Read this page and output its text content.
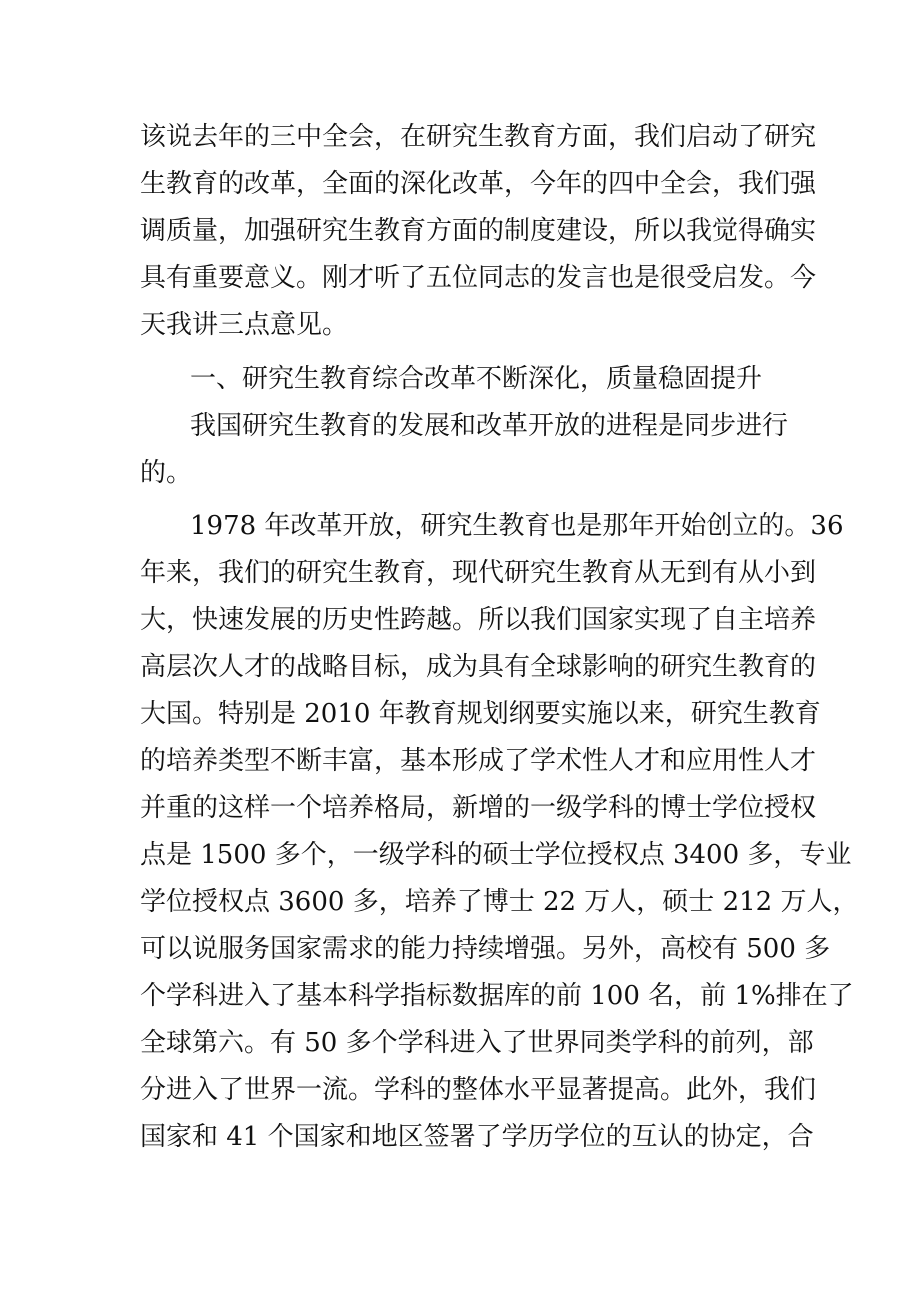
该说去年的三中全会，在研究生教育方面，我们启动了研究
生教育的改革，全面的深化改革，今年的四中全会，我们强
调质量，加强研究生教育方面的制度建设，所以我觉得确实
具有重要意义。刚才听了五位同志的发言也是很受启发。今
天我讲三点意见。
一、研究生教育综合改革不断深化，质量稳固提升
我国研究生教育的发展和改革开放的进程是同步进行
的。
1978 年改革开放，研究生教育也是那年开始创立的。36
年来，我们的研究生教育，现代研究生教育从无到有从小到
大，快速发展的历史性跨越。所以我们国家实现了自主培养
高层次人才的战略目标，成为具有全球影响的研究生教育的
大国。特别是 2010 年教育规划纲要实施以来，研究生教育
的培养类型不断丰富，基本形成了学术性人才和应用性人才
并重的这样一个培养格局，新增的一级学科的博士学位授权
点是 1500 多个，一级学科的硕士学位授权点 3400 多，专业
学位授权点 3600 多，培养了博士 22 万人，硕士 212 万人，
可以说服务国家需求的能力持续增强。另外，高校有 500 多
个学科进入了基本科学指标数据库的前 100 名，前 1%排在了
全球第六。有 50 多个学科进入了世界同类学科的前列，部
分进入了世界一流。学科的整体水平显著提高。此外，我们
国家和 41 个国家和地区签署了学历学位的互认的协定，合
